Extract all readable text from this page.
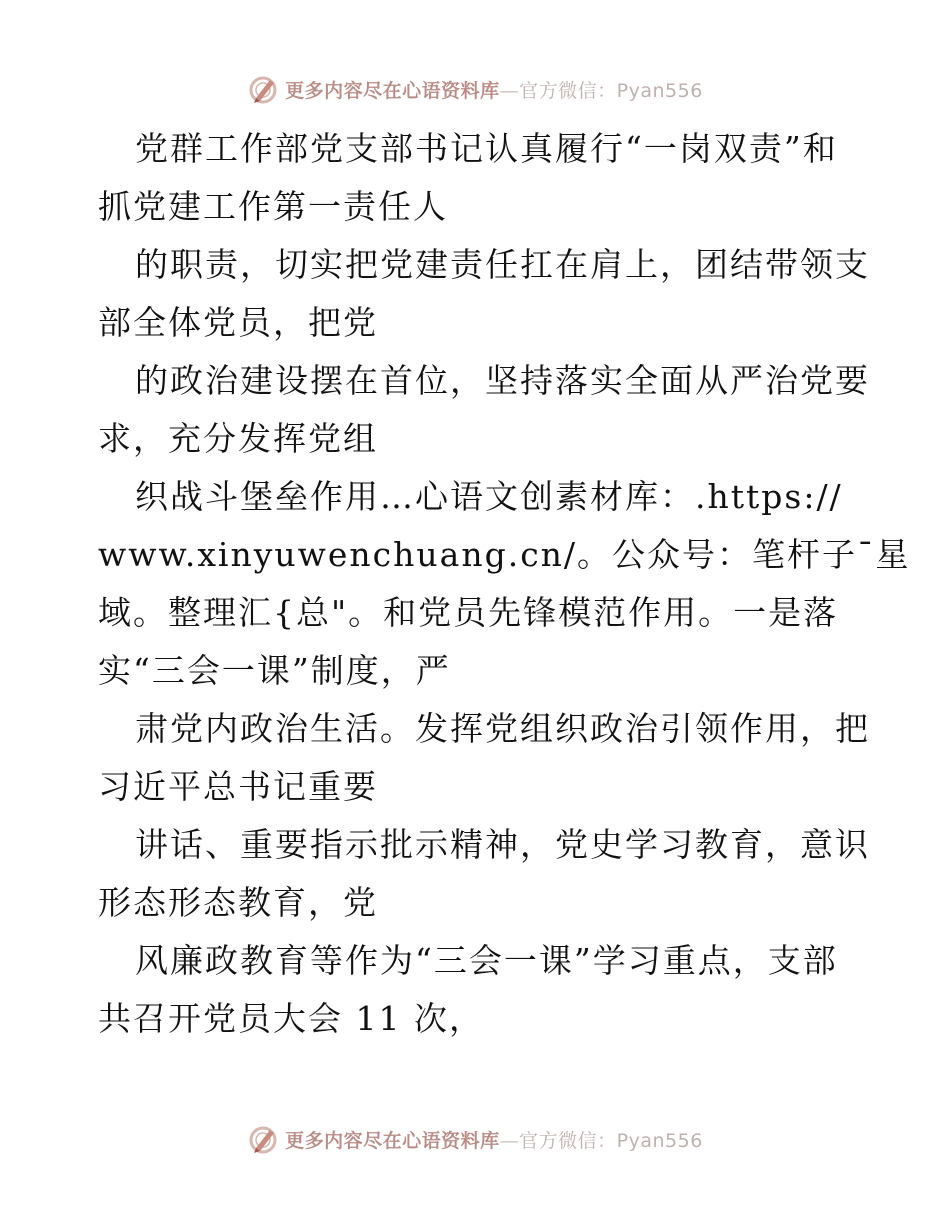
更多内容尽在心语资料库—官方微信：Pyan556
党群工作部党支部书记认真履行“一岗双责”和
抓党建工作第一责任人
的职责，切实把党建责任扛在肩上，团结带领支
部全体党员，把党
的政治建设摆在首位，坚持落实全面从严治党要
求，充分发挥党组
织战斗堡垒作用…心语文创素材库：.https://
www.xinyuwenchuang.cn/。公众号：笔杆子¯星
域。整理汇{总"。和党员先锋模范作用。一是落
实“三会一课”制度，严
肃党内政治生活。发挥党组织政治引领作用，把
习近平总书记重要
讲话、重要指示批示精神，党史学习教育，意识
形态形态教育，党
风廉政教育等作为“三会一课”学习重点，支部
共召开党员大会 11 次，
更多内容尽在心语资料库—官方微信：Pyan556
